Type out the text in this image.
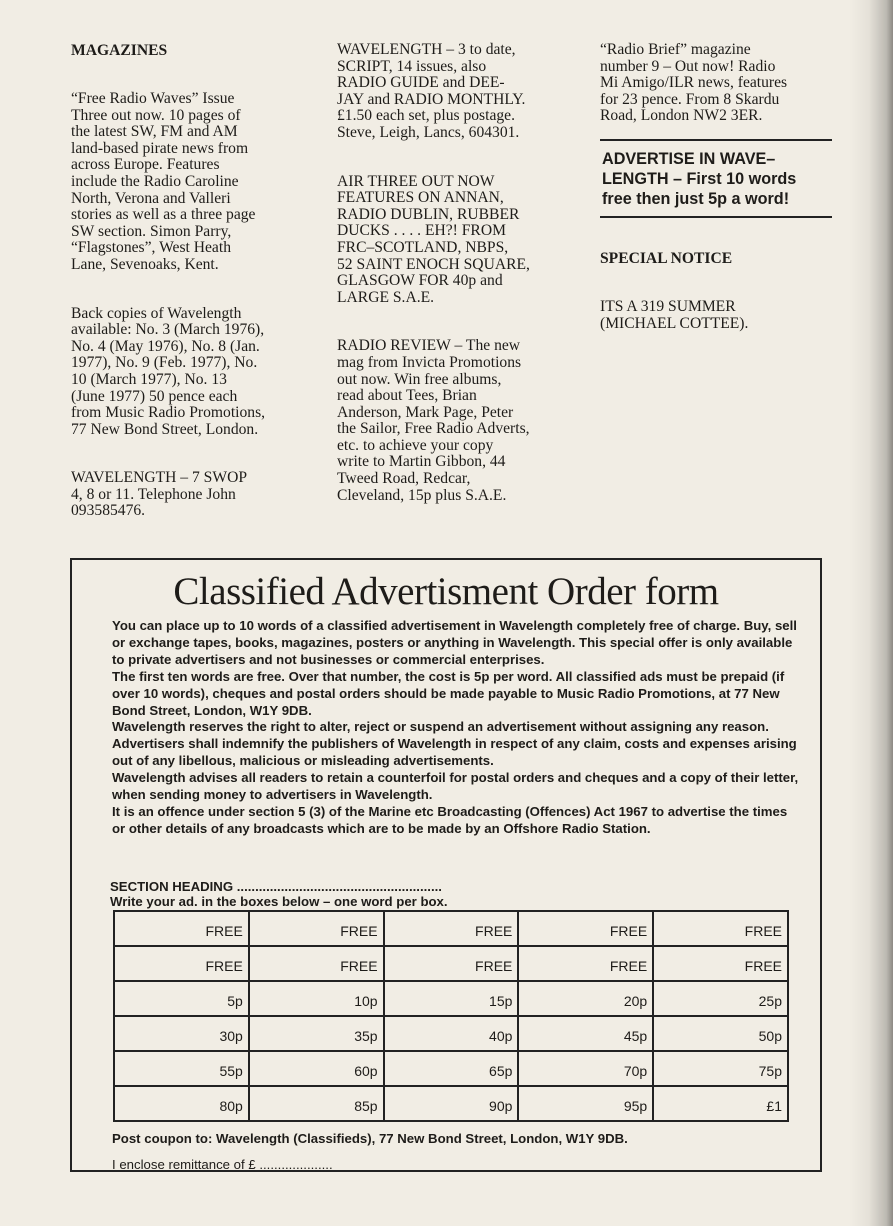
MAGAZINES

“Free Radio Waves” Issue
Three out now. 10 pages of
the latest SW, FM and AM
land-based pirate news from
across Europe. Features
include the Radio Caroline
North, Verona and Valleri
stories as well as a three page
SW section. Simon Parry,
“Flagstones”, West Heath
Lane, Sevenoaks, Kent.

Back copies of Wavelength
available: No. 3 (March 1976),
No. 4 (May 1976), No. 8 (Jan.
1977), No. 9 (Feb. 1977), No.
10 (March 1977), No. 13
(June 1977) 50 pence each
from Music Radio Promotions,
77 New Bond Street, London.

WAVELENGTH – 7 SWOP
4, 8 or 11. Telephone John
093585476.

WAVELENGTH – 3 to date,
SCRIPT, 14 issues, also
RADIO GUIDE and DEE-
JAY and RADIO MONTHLY.
£1.50 each set, plus postage.
Steve, Leigh, Lancs, 604301.

AIR THREE OUT NOW
FEATURES ON ANNAN,
RADIO DUBLIN, RUBBER
DUCKS . . . . EH?! FROM
FRC–SCOTLAND, NBPS,
52 SAINT ENOCH SQUARE,
GLASGOW FOR 40p and
LARGE S.A.E.

RADIO REVIEW – The new
mag from Invicta Promotions
out now. Win free albums,
read about Tees, Brian
Anderson, Mark Page, Peter
the Sailor, Free Radio Adverts,
etc. to achieve your copy
write to Martin Gibbon, 44
Tweed Road, Redcar,
Cleveland, 15p plus S.A.E.

“Radio Brief” magazine
number 9 – Out now! Radio
Mi Amigo/ILR news, features
for 23 pence. From 8 Skardu
Road, London NW2 3ER.

ADVERTISE IN WAVE–
LENGTH – First 10 words
free then just 5p a word!
SPECIAL NOTICE

ITS A 319 SUMMER
(MICHAEL COTTEE).

Classified Advertisment Order form

You can place up to 10 words of a classified advertisement in Wavelength completely free of charge. Buy, sell or exchange tapes, books, magazines, posters or anything in Wavelength. This special offer is only available to private advertisers and not businesses or commercial enterprises.

The first ten words are free. Over that number, the cost is 5p per word. All classified ads must be prepaid (if over 10 words), cheques and postal orders should be made payable to Music Radio Promotions, at 77 New Bond Street, London, W1Y 9DB.

Wavelength reserves the right to alter, reject or suspend an advertisement without assigning any reason. Advertisers shall indemnify the publishers of Wavelength in respect of any claim, costs and expenses arising out of any libellous, malicious or misleading advertisements.

Wavelength advises all readers to retain a counterfoil for postal orders and cheques and a copy of their letter, when sending money to advertisers in Wavelength.

It is an offence under section 5 (3) of the Marine etc Broadcasting (Offences) Act 1967 to advertise the times or other details of any broadcasts which are to be made by an Offshore Radio Station.

SECTION HEADING ........................................................
Write your ad. in the boxes below – one word per box.
FREE	FREE	FREE	FREE	FREE
FREE	FREE	FREE	FREE	FREE
5p	10p	15p	20p	25p
30p	35p	40p	45p	50p
55p	60p	65p	70p	75p
80p	85p	90p	95p	£1
Post coupon to: Wavelength (Classifieds), 77 New Bond Street, London, W1Y 9DB.
I enclose remittance of £ ....................
